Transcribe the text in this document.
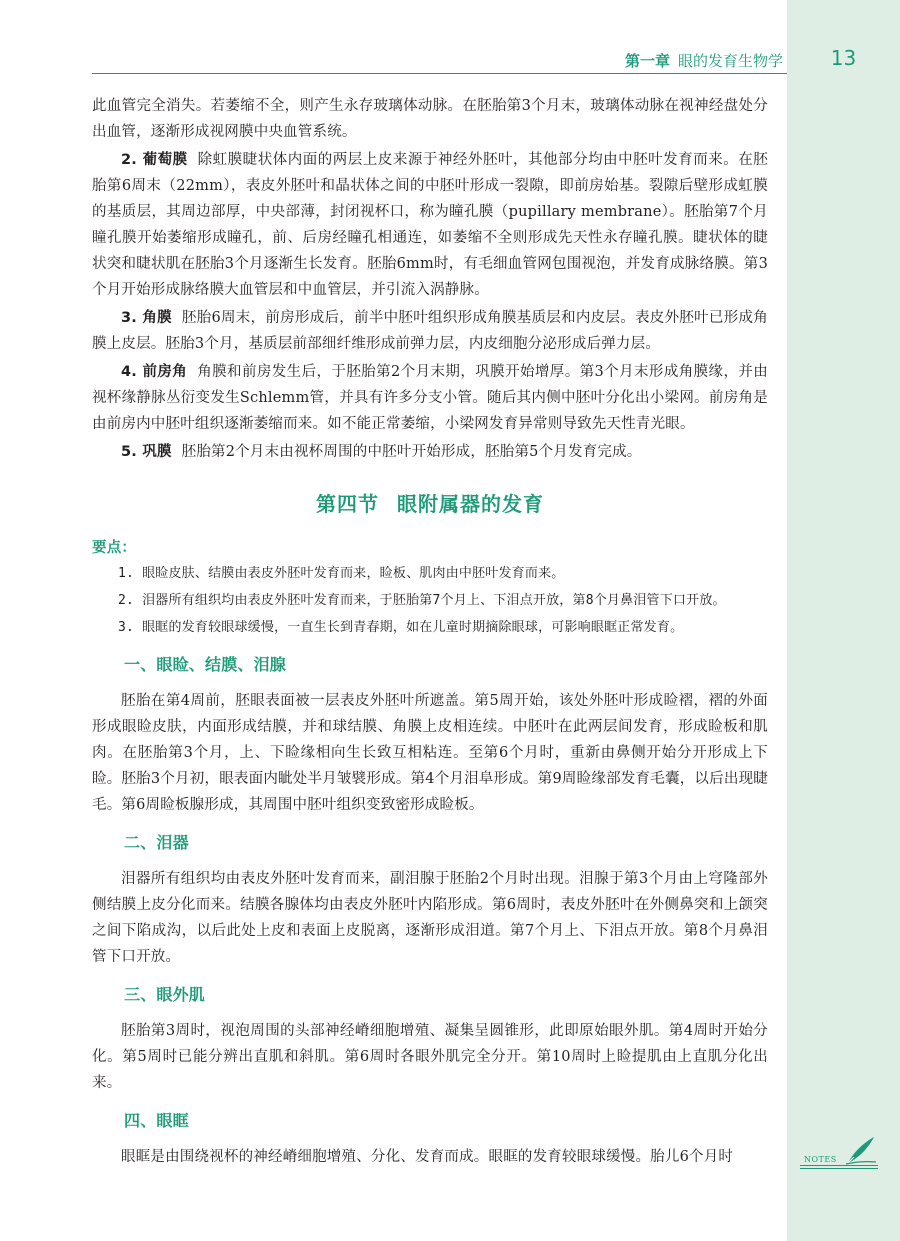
第一章 眼的发育生物学	13

此血管完全消失。若萎缩不全，则产生永存玻璃体动脉。在胚胎第3个月末，玻璃体动脉在视神经盘处分出血管，逐渐形成视网膜中央血管系统。

2. 葡萄膜 除虹膜睫状体内面的两层上皮来源于神经外胚叶，其他部分均由中胚叶发育而来。在胚胎第6周末（22mm），表皮外胚叶和晶状体之间的中胚叶形成一裂隙，即前房始基。裂隙后壁形成虹膜的基质层，其周边部厚，中央部薄，封闭视杯口，称为瞳孔膜（pupillary membrane）。胚胎第7个月瞳孔膜开始萎缩形成瞳孔，前、后房经瞳孔相通连，如萎缩不全则形成先天性永存瞳孔膜。睫状体的睫状突和睫状肌在胚胎3个月逐渐生长发育。胚胎6mm时，有毛细血管网包围视泡，并发育成脉络膜。第3个月开始形成脉络膜大血管层和中血管层，并引流入涡静脉。

3. 角膜 胚胎6周末，前房形成后，前半中胚叶组织形成角膜基质层和内皮层。表皮外胚叶已形成角膜上皮层。胚胎3个月，基质层前部细纤维形成前弹力层，内皮细胞分泌形成后弹力层。

4. 前房角 角膜和前房发生后，于胚胎第2个月末期，巩膜开始增厚。第3个月末形成角膜缘，并由视杯缘静脉丛衍变发生Schlemm管，并具有许多分支小管。随后其内侧中胚叶分化出小梁网。前房角是由前房内中胚叶组织逐渐萎缩而来。如不能正常萎缩，小梁网发育异常则导致先天性青光眼。

5. 巩膜 胚胎第2个月末由视杯周围的中胚叶开始形成，胚胎第5个月发育完成。

第四节 眼附属器的发育
要点：

1. 眼睑皮肤、结膜由表皮外胚叶发育而来，睑板、肌肉由中胚叶发育而来。

2. 泪器所有组织均由表皮外胚叶发育而来，于胚胎第7个月上、下泪点开放，第8个月鼻泪管下口开放。

3. 眼眶的发育较眼球缓慢，一直生长到青春期，如在儿童时期摘除眼球，可影响眼眶正常发育。

一、眼睑、结膜、泪腺

胚胎在第4周前，胚眼表面被一层表皮外胚叶所遮盖。第5周开始，该处外胚叶形成睑褶，褶的外面形成眼睑皮肤，内面形成结膜，并和球结膜、角膜上皮相连续。中胚叶在此两层间发育，形成睑板和肌肉。在胚胎第3个月，上、下睑缘相向生长致互相粘连。至第6个月时，重新由鼻侧开始分开形成上下睑。胚胎3个月初，眼表面内眦处半月皱襞形成。第4个月泪阜形成。第9周睑缘部发育毛囊，以后出现睫毛。第6周睑板腺形成，其周围中胚叶组织变致密形成睑板。

二、泪器

泪器所有组织均由表皮外胚叶发育而来，副泪腺于胚胎2个月时出现。泪腺于第3个月由上穹隆部外侧结膜上皮分化而来。结膜各腺体均由表皮外胚叶内陷形成。第6周时，表皮外胚叶在外侧鼻突和上颌突之间下陷成沟，以后此处上皮和表面上皮脱离，逐渐形成泪道。第7个月上、下泪点开放。第8个月鼻泪管下口开放。

三、眼外肌

胚胎第3周时，视泡周围的头部神经嵴细胞增殖、凝集呈圆锥形，此即原始眼外肌。第4周时开始分化。第5周时已能分辨出直肌和斜肌。第6周时各眼外肌完全分开。第10周时上睑提肌由上直肌分化出来。

四、眼眶

眼眶是由围绕视杯的神经嵴细胞增殖、分化、发育而成。眼眶的发育较眼球缓慢。胎儿6个月时	NOTES
